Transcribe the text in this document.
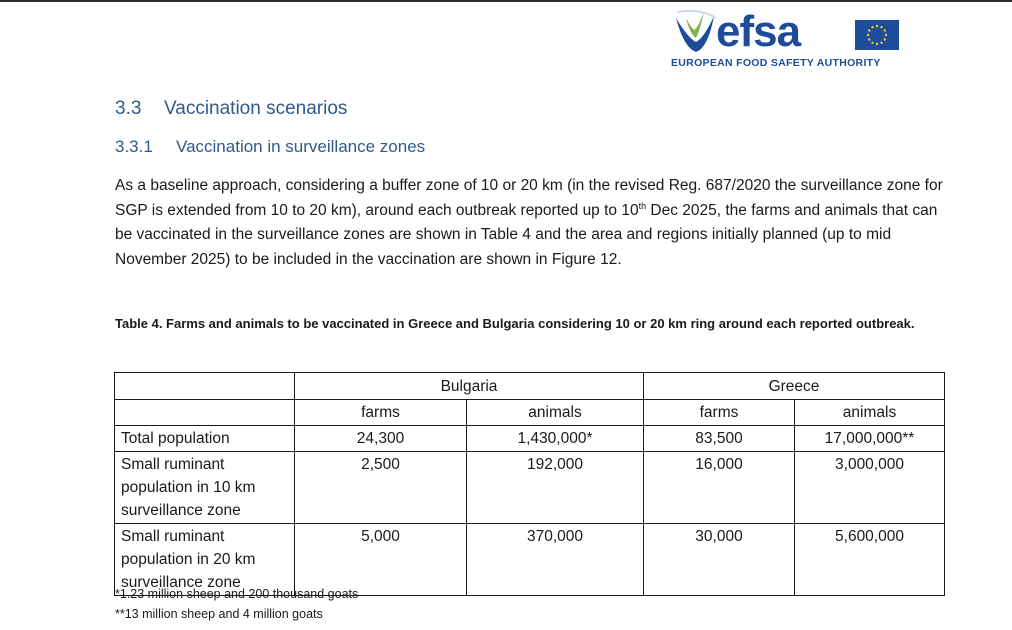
efsa
EUROPEAN FOOD SAFETY AUTHORITY
3.3 Vaccination scenarios
3.3.1 Vaccination in surveillance zones
As a baseline approach, considering a buffer zone of 10 or 20 km (in the revised Reg. 687/2020 the surveillance zone for SGP is extended from 10 to 20 km), around each outbreak reported up to 10th Dec 2025, the farms and animals that can be vaccinated in the surveillance zones are shown in Table 4 and the area and regions initially planned (up to mid November 2025) to be included in the vaccination are shown in Figure 12.
Table 4. Farms and animals to be vaccinated in Greece and Bulgaria considering 10 or 20 km ring around each reported outbreak.
	Bulgaria		Greece	
	farms	animals	farms	animals
Total population	24,300	1,430,000*	83,500	17,000,000**
Small ruminant population in 10 km surveillance zone	2,500	192,000	16,000	3,000,000
Small ruminant population in 20 km surveillance zone	5,000	370,000	30,000	5,600,000
*1.23 million sheep and 200 thousand goats
**13 million sheep and 4 million goats
